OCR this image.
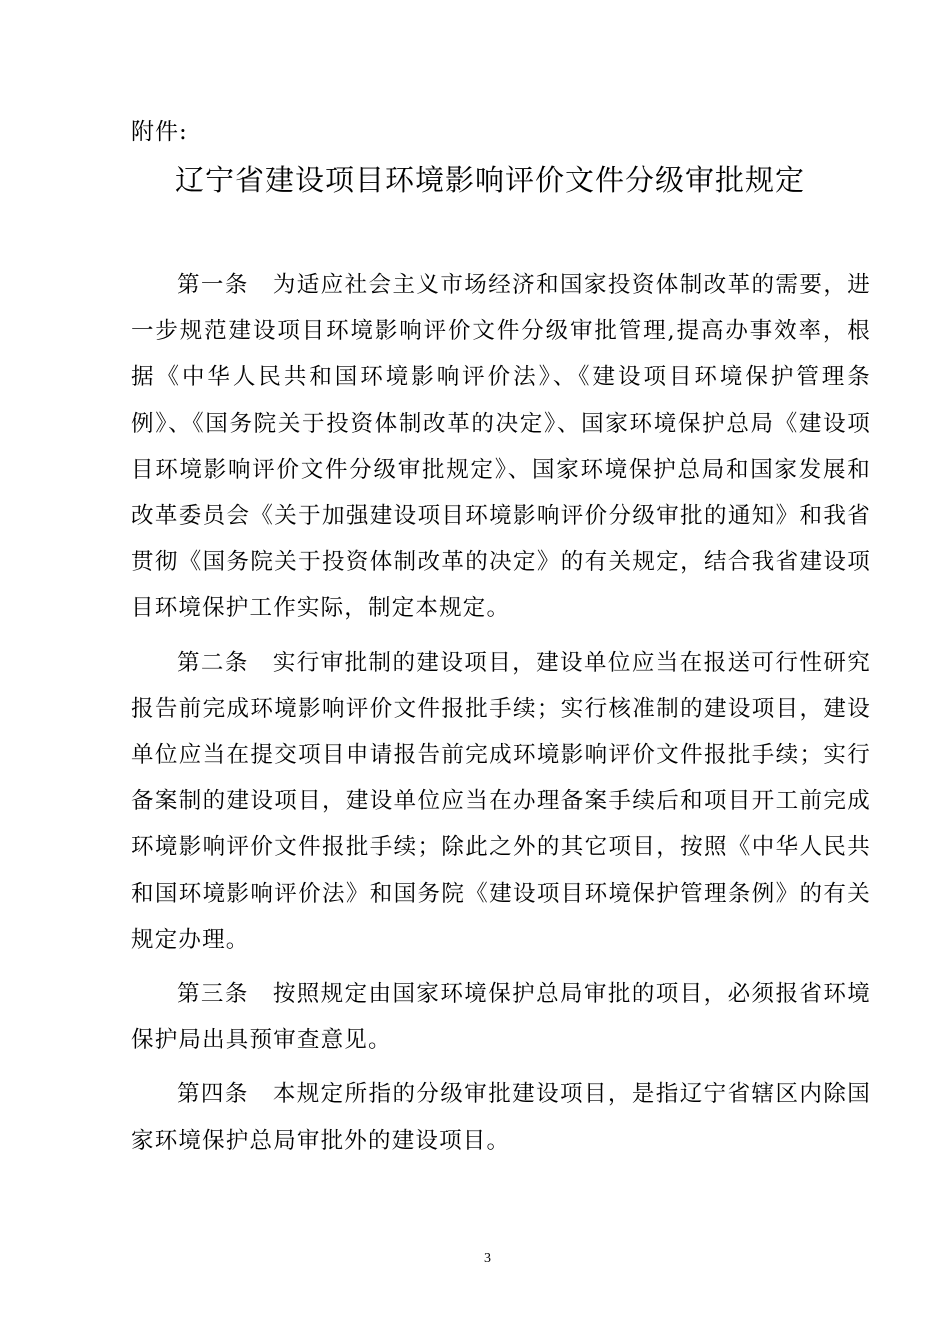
附件:
辽宁省建设项目环境影响评价文件分级审批规定

第一条 为适应社会主义市场经济和国家投资体制改革的需要，进一步规范建设项目环境影响评价文件分级审批管理,提高办事效率，根据《中华人民共和国环境影响评价法》、《建设项目环境保护管理条例》、《国务院关于投资体制改革的决定》、国家环境保护总局《建设项目环境影响评价文件分级审批规定》、国家环境保护总局和国家发展和改革委员会《关于加强建设项目环境影响评价分级审批的通知》和我省贯彻《国务院关于投资体制改革的决定》的有关规定，结合我省建设项目环境保护工作实际，制定本规定。

第二条 实行审批制的建设项目，建设单位应当在报送可行性研究报告前完成环境影响评价文件报批手续；实行核准制的建设项目，建设单位应当在提交项目申请报告前完成环境影响评价文件报批手续；实行备案制的建设项目，建设单位应当在办理备案手续后和项目开工前完成环境影响评价文件报批手续；除此之外的其它项目，按照《中华人民共和国环境影响评价法》和国务院《建设项目环境保护管理条例》的有关规定办理。

第三条 按照规定由国家环境保护总局审批的项目，必须报省环境保护局出具预审查意见。

第四条 本规定所指的分级审批建设项目，是指辽宁省辖区内除国家环境保护总局审批外的建设项目。

3
